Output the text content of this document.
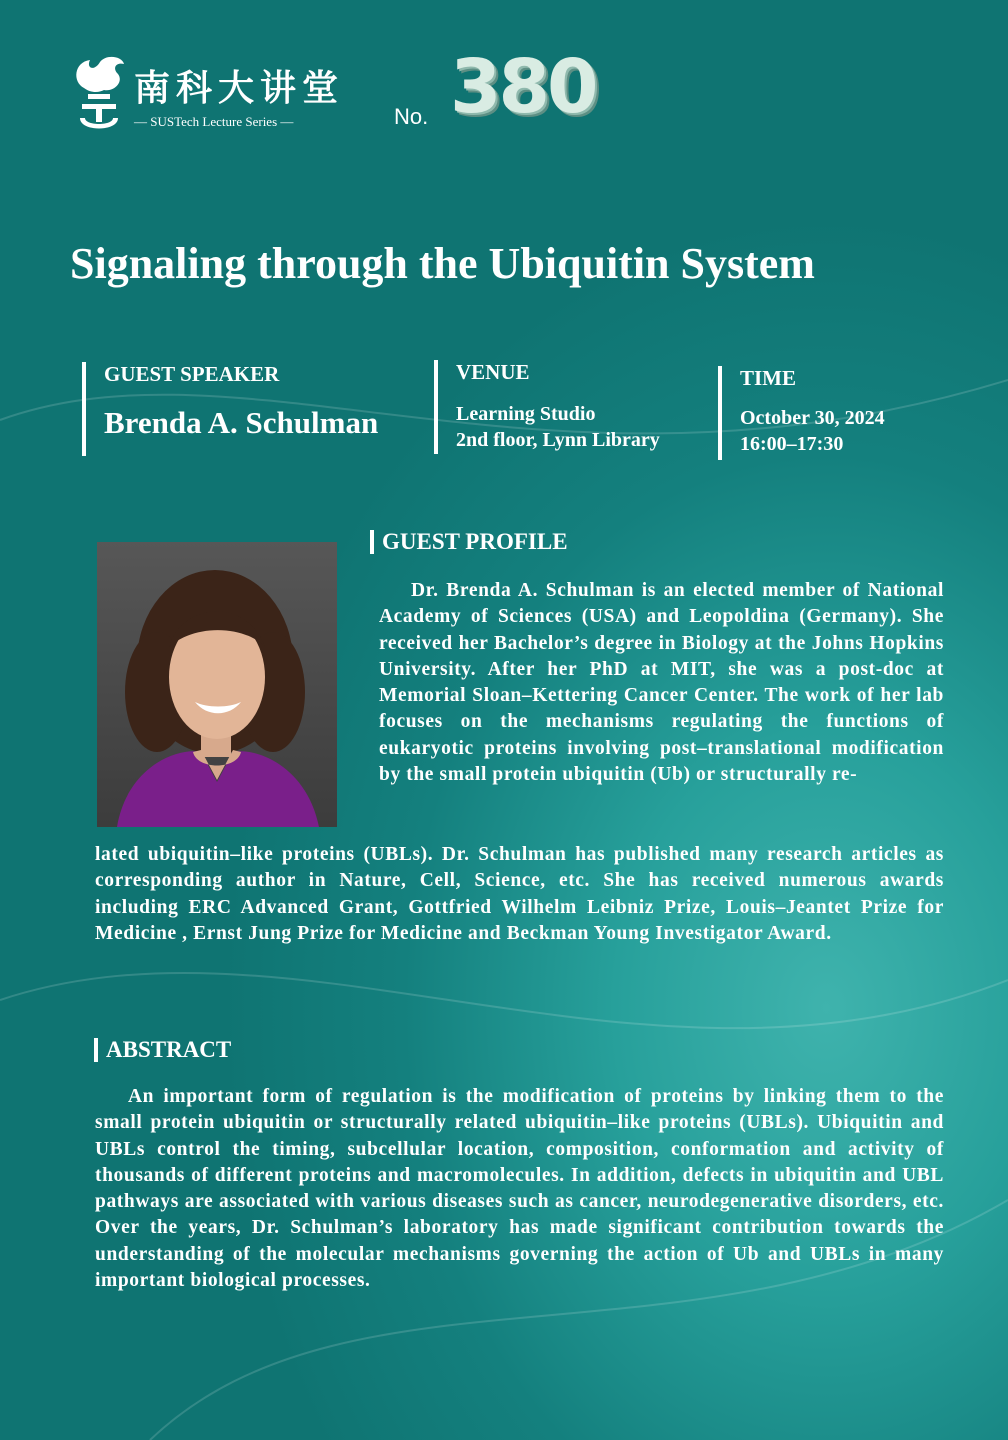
南科大讲堂
— SUSTech Lecture Series —	No. 380
Signaling through the Ubiquitin System
GUEST SPEAKER
Brenda A. Schulman
VENUE
Learning Studio
2nd floor, Lynn Library
TIME
October 30, 2024
16:00–17:30
GUEST PROFILE
Dr. Brenda A. Schulman is an elected member of National Academy of Sciences (USA) and Leopoldina (Germany). She received her Bachelor’s degree in Biology at the Johns Hopkins University. After her PhD at MIT, she was a post-doc at Memorial Sloan–Kettering Cancer Center. The work of her lab focuses on the mechanisms regulating the functions of eukaryotic proteins involving post–translational modification by the small protein ubiquitin (Ub) or structurally re-
lated ubiquitin–like proteins (UBLs). Dr. Schulman has published many research articles as corresponding author in Nature, Cell, Science, etc. She has received numerous awards including ERC Advanced Grant, Gottfried Wilhelm Leibniz Prize, Louis–Jeantet Prize for Medicine , Ernst Jung Prize for Medicine and Beckman Young Investigator Award.
ABSTRACT
An important form of regulation is the modification of proteins by linking them to the small protein ubiquitin or structurally related ubiquitin–like proteins (UBLs). Ubiquitin and UBLs control the timing, subcellular location, composition, conformation and activity of thousands of different proteins and macromolecules. In addition, defects in ubiquitin and UBL pathways are associated with various diseases such as cancer, neurodegenerative disorders, etc. Over the years, Dr. Schulman’s laboratory has made significant contribution towards the understanding of the molecular mechanisms governing the action of Ub and UBLs in many important biological processes.
